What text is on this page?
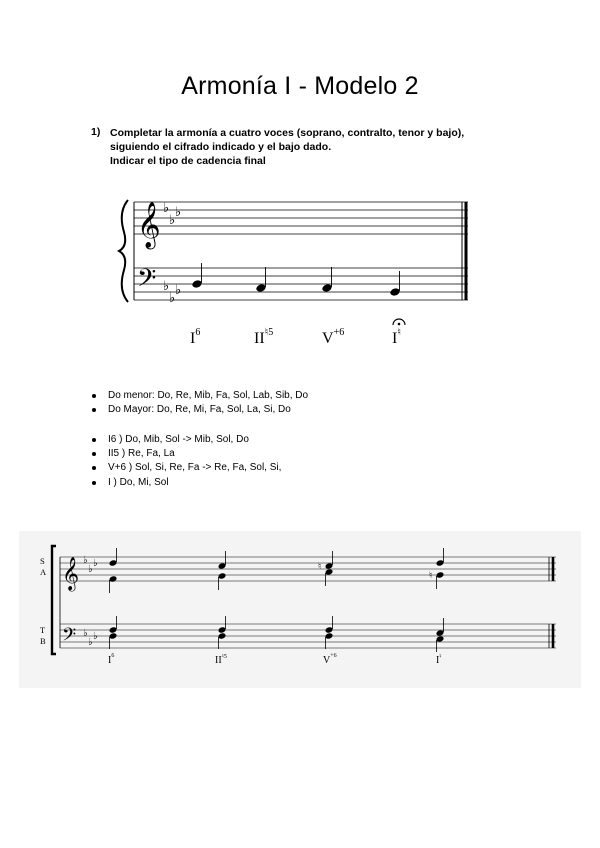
Armonía I - Modelo 2
1) Completar la armonía a cuatro voces (soprano, contralto, tenor y bajo),
siguiendo el cifrado indicado y el bajo dado.
Indicar el tipo de cadencia final
𝄞
𝄢
♭
♭
♭
♭
♭
♭
𝄞
𝄢
♭
♭
♭
♭
♭
♭
♮
♮
$I^6$	$II^{♮5}$	$V^{+6}$	I♮
Do menor: Do, Re, Mib, Fa, Sol, Lab, Sib, Do
Do Mayor: Do, Re, Mi, Fa, Sol, La, Si, Do
I6 ) Do, Mib, Sol -> Mib, Sol, Do
II5 ) Re, Fa, La
V+6 ) Sol, Si, Re, Fa -> Re, Fa, Sol, Si,
I ) Do, Mi, Sol
S
A
T
B
$I^6$	$II^{♮5}$	$V^{+6}$	I♮
